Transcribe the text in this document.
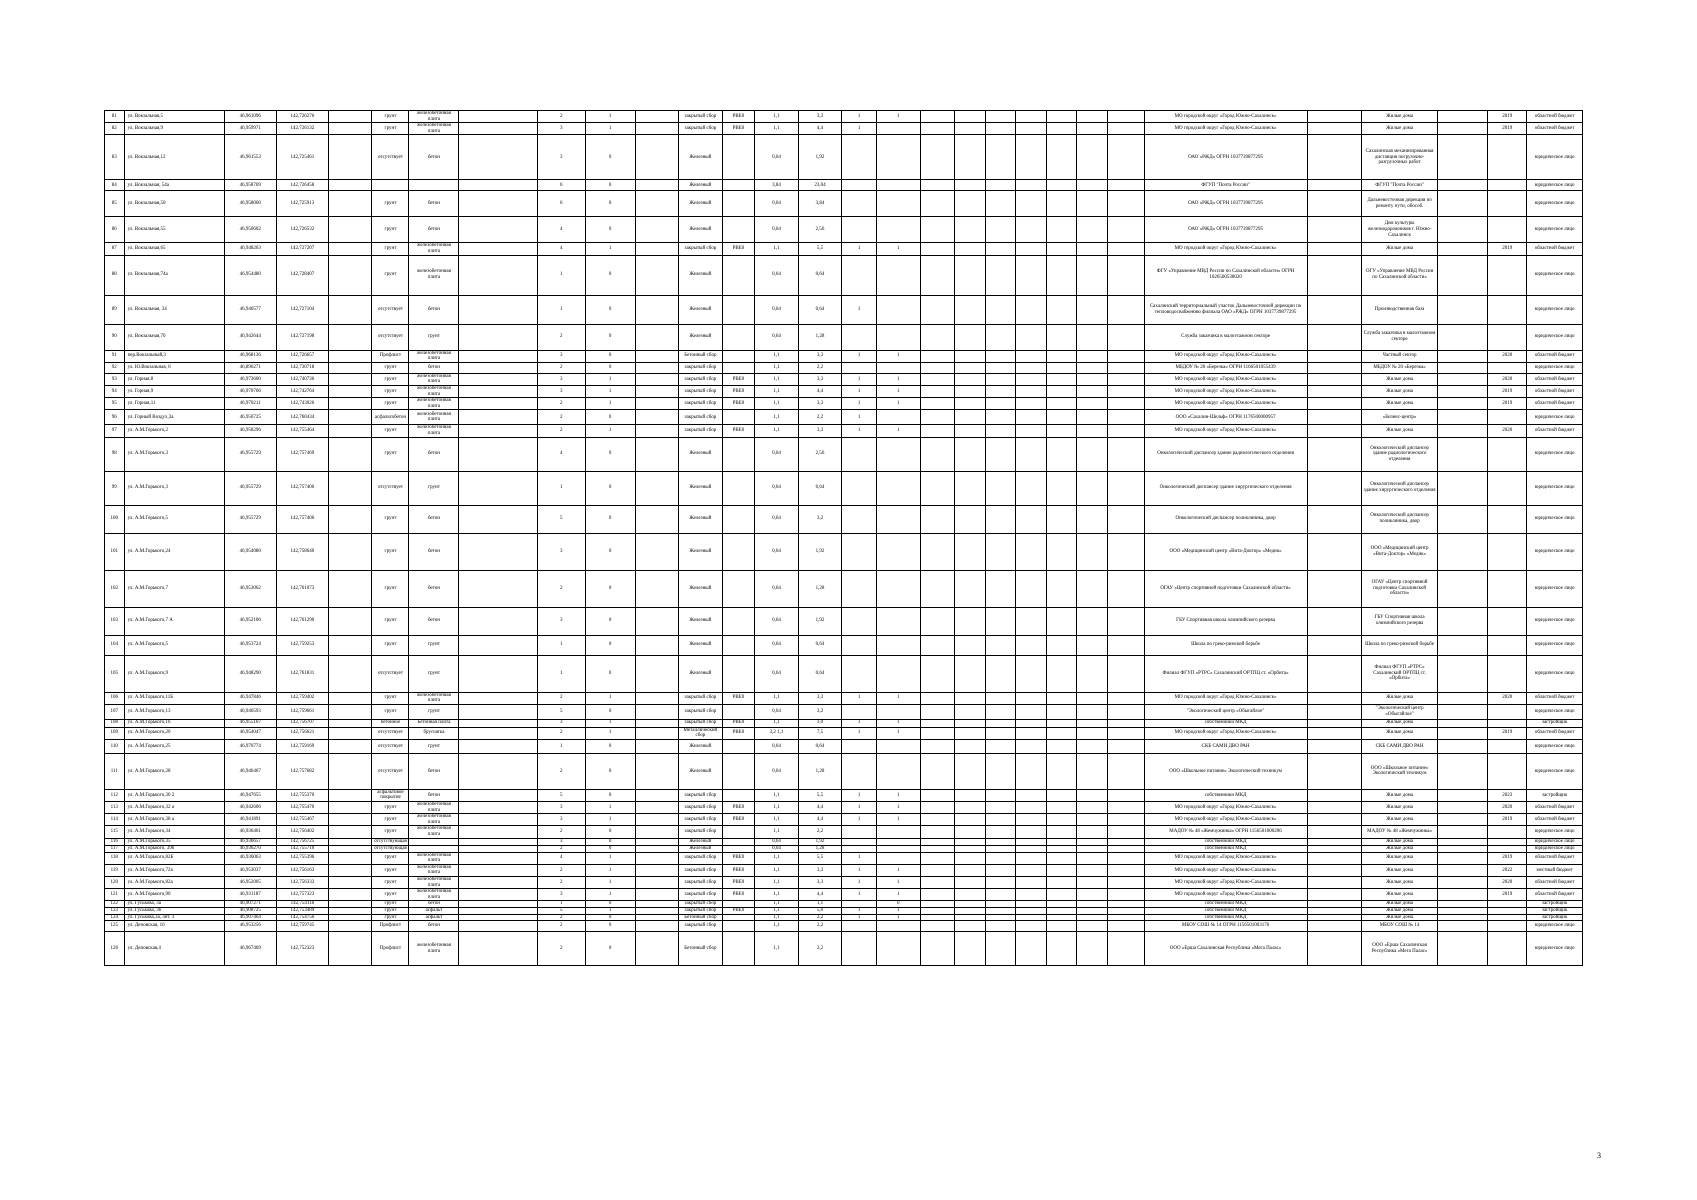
81	ул. Вокзальная,5	46,961096	142,726276		грунт	железобетонная плита		2	1		закрытый сбор	РВЕ0	1,1	3,3	1	1								МО городской округ «Город Южно-Сахалинск»		Жилые дома		2019	областной бюджет
82	ул. Вокзальная,9	46,959971	142,726132		грунт	железобетонная плита		3	1		закрытый сбор	РВЕ0	1,1	4,4	1									МО городской округ «Город Южно-Сахалинск»		Жилые дома		2019	областной бюджет
83	ул. Вокзальная,12	46,961553	142,725461		отсутствует	бетон		3	0		Железный		0,64	1,92										ОАО «РЖД» ОГРН 1037739877295		Сахалинская механизированная дистанция погрузочно-разгрузочных работ			юридическое лицо
84	ул. Вокзальная, 54а	46,958769	142,726458					6	0		Железный		3,84	23,04										ФГУП "Почта России"		ФГУП "Почта России"			юридическое лицо
85	ул. Вокзальная,50	46,958060	142,725913		грунт	бетон		6	0		Железный		0,64	3,84										ОАО «РЖД» ОГРН 1037739877295		Дальневосточная дирекция по ремонту пути, обособ.			юридическое лицо
86	ул. Вокзальная,55	46,956602	142,726532		грунт	бетон		4	0		Железный		0,64	2,56										ОАО «РЖД» ОГРН 1037739877295		Дом культуры железнодорожников г. Южно-Сахалинск			юридическое лицо
87	ул. Вокзальная,65	46,948263	142,727207		грунт	железобетонная плита		4	1		закрытый сбор	РВЕ0	1,1	5,5	1	1								МО городской округ «Город Южно-Сахалинск»		Жилые дома		2019	областной бюджет
88	ул. Вокзальная,74а	46,954480	142,728407		грунт	железобетонная плита		1	0		Железный		0,64	0,64										ФГУ «Управление МВД России по Сахалинской области» ОГРН 1026500538020		ОГУ «Управление МВД России по Сахалинской области»			юридическое лицо
89	ул. Вокзальная, 34	46,946577	142,727104		отсутствует	бетон		1	0		Железный		0,64	0,64	1									Сахалинский территориальный участок Дальневосточной дирекции по тепловодоснабжению филиала ОАО «РЖД» ОГРН 1037739877295		Производственная база			юридическое лицо
90	ул. Вокзальная,70	46,942644	142,727198		отсутствует	грунт		2	0		Железный		0,64	1,28										Служба заказчика в малоэтажном секторе		Служба заказчика в малоэтажном секторе			юридическое лицо
91	пер.Вокзальный,3	46,968136	142,726657		Профлист	железобетонная плита		3	0		Бетонный сбор		1,1	3,3	1	1								МО городской округ «Город Южно-Сахалинск»		Частный сектор		2020	областной бюджет
92	ул. Ю.Вокзальная, 6	46,896271	142,730718		грунт	бетон		2	0		закрытый сбор		1,1	2,2										МБДОУ № 20 «Березка» ОГРН 1166501055439		МБДОУ № 20 «Березка»			юридическое лицо
93	ул. Горная,8	46,973600	142,740736		грунт	железобетонная плита		3	1		закрытый сбор	РВЕ0	1,1	3,3	1	1								МО городской округ «Город Южно-Сахалинск»		Жилые дома		2020	областной бюджет
94	ул. Горная,9	46,970766	142,742764		грунт	железобетонная плита		3	1		закрытый сбор	РВЕ0	1,1	4,4	1	1								МО городской округ «Город Южно-Сахалинск»		Жилые дома		2019	областной бюджет
95	ул. Горная,11	46,970211	142,743026		грунт	железобетонная плита		2	1		закрытый сбор	РВЕ0	1,1	3,3	1	1								МО городской округ «Город Южно-Сахалинск»		Жилые дома		2019	областной бюджет
96	ул. Горный Воздух,3а	46,956725	142,760434		асфальтобетон	железобетонная плита		2	0		закрытый сбор		1,1	2,2	1									ООО «Сахалин-Шельф» ОГРН 1176500000957		«Бизнес-центр»			юридическое лицо
97	ул. А.М.Горького,2	46,958296	142,755464		грунт	железобетонная плита		2	1		закрытый сбор	РВЕ0	1,1	3,3	1	1								МО городской округ «Город Южно-Сахалинск»		Жилые дома		2020	областной бюджет
98	ул. А.М.Горького,3	46,955729	142,757469		грунт	бетон		4	0		Железный		0,64	2,56										Онкологический диспансер здание радиологического отделения		Онкологический диспансер здание радиологического отделения			юридическое лицо
99	ул. А.М.Горького,3	46,955729	142,757406		отсутствует	грунт		1	0		Железный		0,64	0,64										Онкологический диспансер здание хирургического отделения		Онкологический диспансер здание хирургического отделения			юридическое лицо
100	ул. А.М.Горького,5	46,955729	142,757406		грунт	бетон		5	0		Железный		0,64	3,2										Онкологический диспансер поликлиника, двор		Онкологический диспансер поликлиника, двор			юридическое лицо
101	ул. А.М.Горького,24	46,954080	142,758640		грунт	бетон		3	0		Железный		0,64	1,92										ООО «Медицинский центр «Вита-Доктор» «Медик»		ООО «Медицинский центр «Вита-Доктор» «Медик»			юридическое лицо
102	ул. А.М.Горького,7	46,953062	142,761073		грунт	бетон		2	0		Железный		0,64	1,28										ОГАУ «Центр спортивной подготовки Сахалинской области»		ОГАУ «Центр спортивной подготовки Сахалинской области»			юридическое лицо
103	ул. А.М.Горького,7 А	46,952106	142,761290		грунт	бетон		3	0		Железный		0,64	1,92										ГБУ Спортивная школа олимпийского резерва		ГБУ Спортивная школа олимпийского резерва			юридическое лицо
104	ул. А.М.Горького,5	46,953724	142,759253		грунт	грунт		1	0		Железный		0,64	0,64										Школа по греко-римской борьбе		Школа по греко-римской борьбе			юридическое лицо
105	ул. А.М.Горького,9	46,948290	142,761831		отсутствует	грунт		1	0		Железный		0,64	0,64										Филиал ФГУП «РТРС» Сахалинский ОРТПЦ ст. «Орбита»		Филиал ФГУП «РТРС» Сахалинский ОРТПЦ ст. «Орбита»			юридическое лицо
106	ул. А.М.Горького,11Б	46,947846	142,759402		грунт	железобетонная плита		2	1		закрытый сбор	РВЕ0	1,1	3,3	1	1								МО городской округ «Город Южно-Сахалинск»		Жилые дома		2020	областной бюджет
107	ул. А.М.Горького,13	46,946593	142,759661		грунт	грунт		5	0		закрытый сбор		0,64	3,2										"Экологический центр «Обыгайлое"		"Экологический центр «Обыгайлое"			юридическое лицо
108	ул. А.М.Горького,16	46,955167	142,756707		бетонное	Бетонная плита		3	1		закрытый сбор	РВЕ0	1,1	3,0	1	1								собственники МКД		Жилые дома			застройщик
109	ул. А.М.Горького,20	46,954047	142,756621		отсутствует	брусчатка		2	1		Металлический сбор	РВЕ0	3,2 1,1	7,5	1	1								МО городской округ «Город Южно-Сахалинск»		Жилые дома		2019	областной бюджет
110	ул. А.М.Горького,25	46,976774	142,759169		отсутствует	грунт		1	0		Железный		0,64	0,64										СКБ САМИ ДВО РАН		СКБ САМИ ДВО РАН			юридическое лицо
111	ул. А.М.Горького,28	46,946467	142,757682		отсутствует	бетон		2	0		Железный		0,64	1,28										ООО «Школьное питание» Экологический техникум		ООО «Школьное питание» Экологический техникум			юридическое лицо
112	ул. А.М.Горького,30 2	46,947655	142,755370		асфальтовое покрытие	бетон		5	0		закрытый сбор		1,1	5,5	1	1								собственники МКД		Жилые дома		2023	застройщик
113	ул. А.М.Горького,32 а	46,942606	142,755470		грунт	железобетонная плита		3	1		закрытый сбор	РВЕ0	1,1	4,4	1	1								МО городской округ «Город Южно-Сахалинск»		Жилые дома		2020	областной бюджет
114	ул. А.М.Горького,38 а	46,941891	142,755467		грунт	железобетонная плита		3	1		закрытый сбор	РВЕ0	1,1	4,4	1	1								МО городской округ «Город Южно-Сахалинск»		Жилые дома		2019	областной бюджет
115	ул. А.М.Горького,34	46,936461	142,756402		грунт	железобетонная плита		2	0		закрытый сбор		1,1	2,2										МАДОУ № 48 «Жемчужинка» ОГРН 1156501000206		МАДОУ № 48 «Жемчужинка»			юридическое лицо
116	ул. А.М.Горького,35	46,936657	142,756725		отсутствующая			3	0		Железный		0,64	1,92										собственники МКД		Жилые дома			юридическое лицо
117	ул. А.М.Горького, 39б	46,936270	142,755710		отсутствующая			2	0		Железный		0,64	1,28										собственники МКД		Жилые дома			юридическое лицо
118	ул. А.М.Горького,82Б	46,936063	142,755396		грунт	железобетонная плита		4	1		закрытый сбор	РВЕ0	1,1	5,5	1									МО городской округ «Город Южно-Сахалинск»		Жилые дома		2019	областной бюджет
119	ул. А.М.Горького,72а	46,953037	142,756163		грунт	железобетонная плита		2	1		закрытый сбор	РВЕ0	1,1	3,3	1	1								МО городской округ «Город Южно-Сахалинск»		Жилые дома		2022	местный бюджет
120	ул. А.М.Горького,82а	46,952005	142,756333		грунт	железобетонная плита		2	1		закрытый сбор	РВЕ0	1,1	3,3	1	1								МО городской округ «Город Южно-Сахалинск»		Жилые дома		2020	областной бюджет
121	ул. А.М.Горького,90	46,931187	142,757323		грунт	железобетонная плита		3	1		закрытый сбор	РВЕ0	1,1	4,4	1	1								МО городской округ «Город Южно-Сахалинск»		Жилые дома		2019	областной бюджет
122	ул. Гуськова, 3а	46,907271	142,754118		грунт	бетон		1	0		закрытый сбор		1,1	1,1		0								собственники МКД		Жилые дома			застройщик
123	ул. Гуськова, 3б	46,908725	142,753489		грунт	асфальт		5	1		закрытый сбор	РВЕ0	1,1	5,0	1	1								собственники МКД		Жилые дома			застройщик
124	ул. Гуськова,3а, лит. 3	46,907464	142,754756		грунт	асфальт		2	0		Бетонный сбор		1,1	2,2	1	1								собственники МКД		Жилые дома			застройщик
125	ул. Деповская, 16	46,953256	142,759745		Профлист	бетон		2	0		закрытый сбор		1,1	2,2										МБОУ СОШ № 14 ОГРН 1156501003176		МБОУ СОШ № 14			юридическое лицо
126	ул. Деповская,4	46,967469	142,752323		Профлист	железобетонная плита		2	0		Бетонный сбор		1,1	2,2										ООО «Ерша Сахалинская Республика «Мега Палас»		ООО «Ерша Сахалинская Республика «Мега Палас»			юридическое лицо
3
